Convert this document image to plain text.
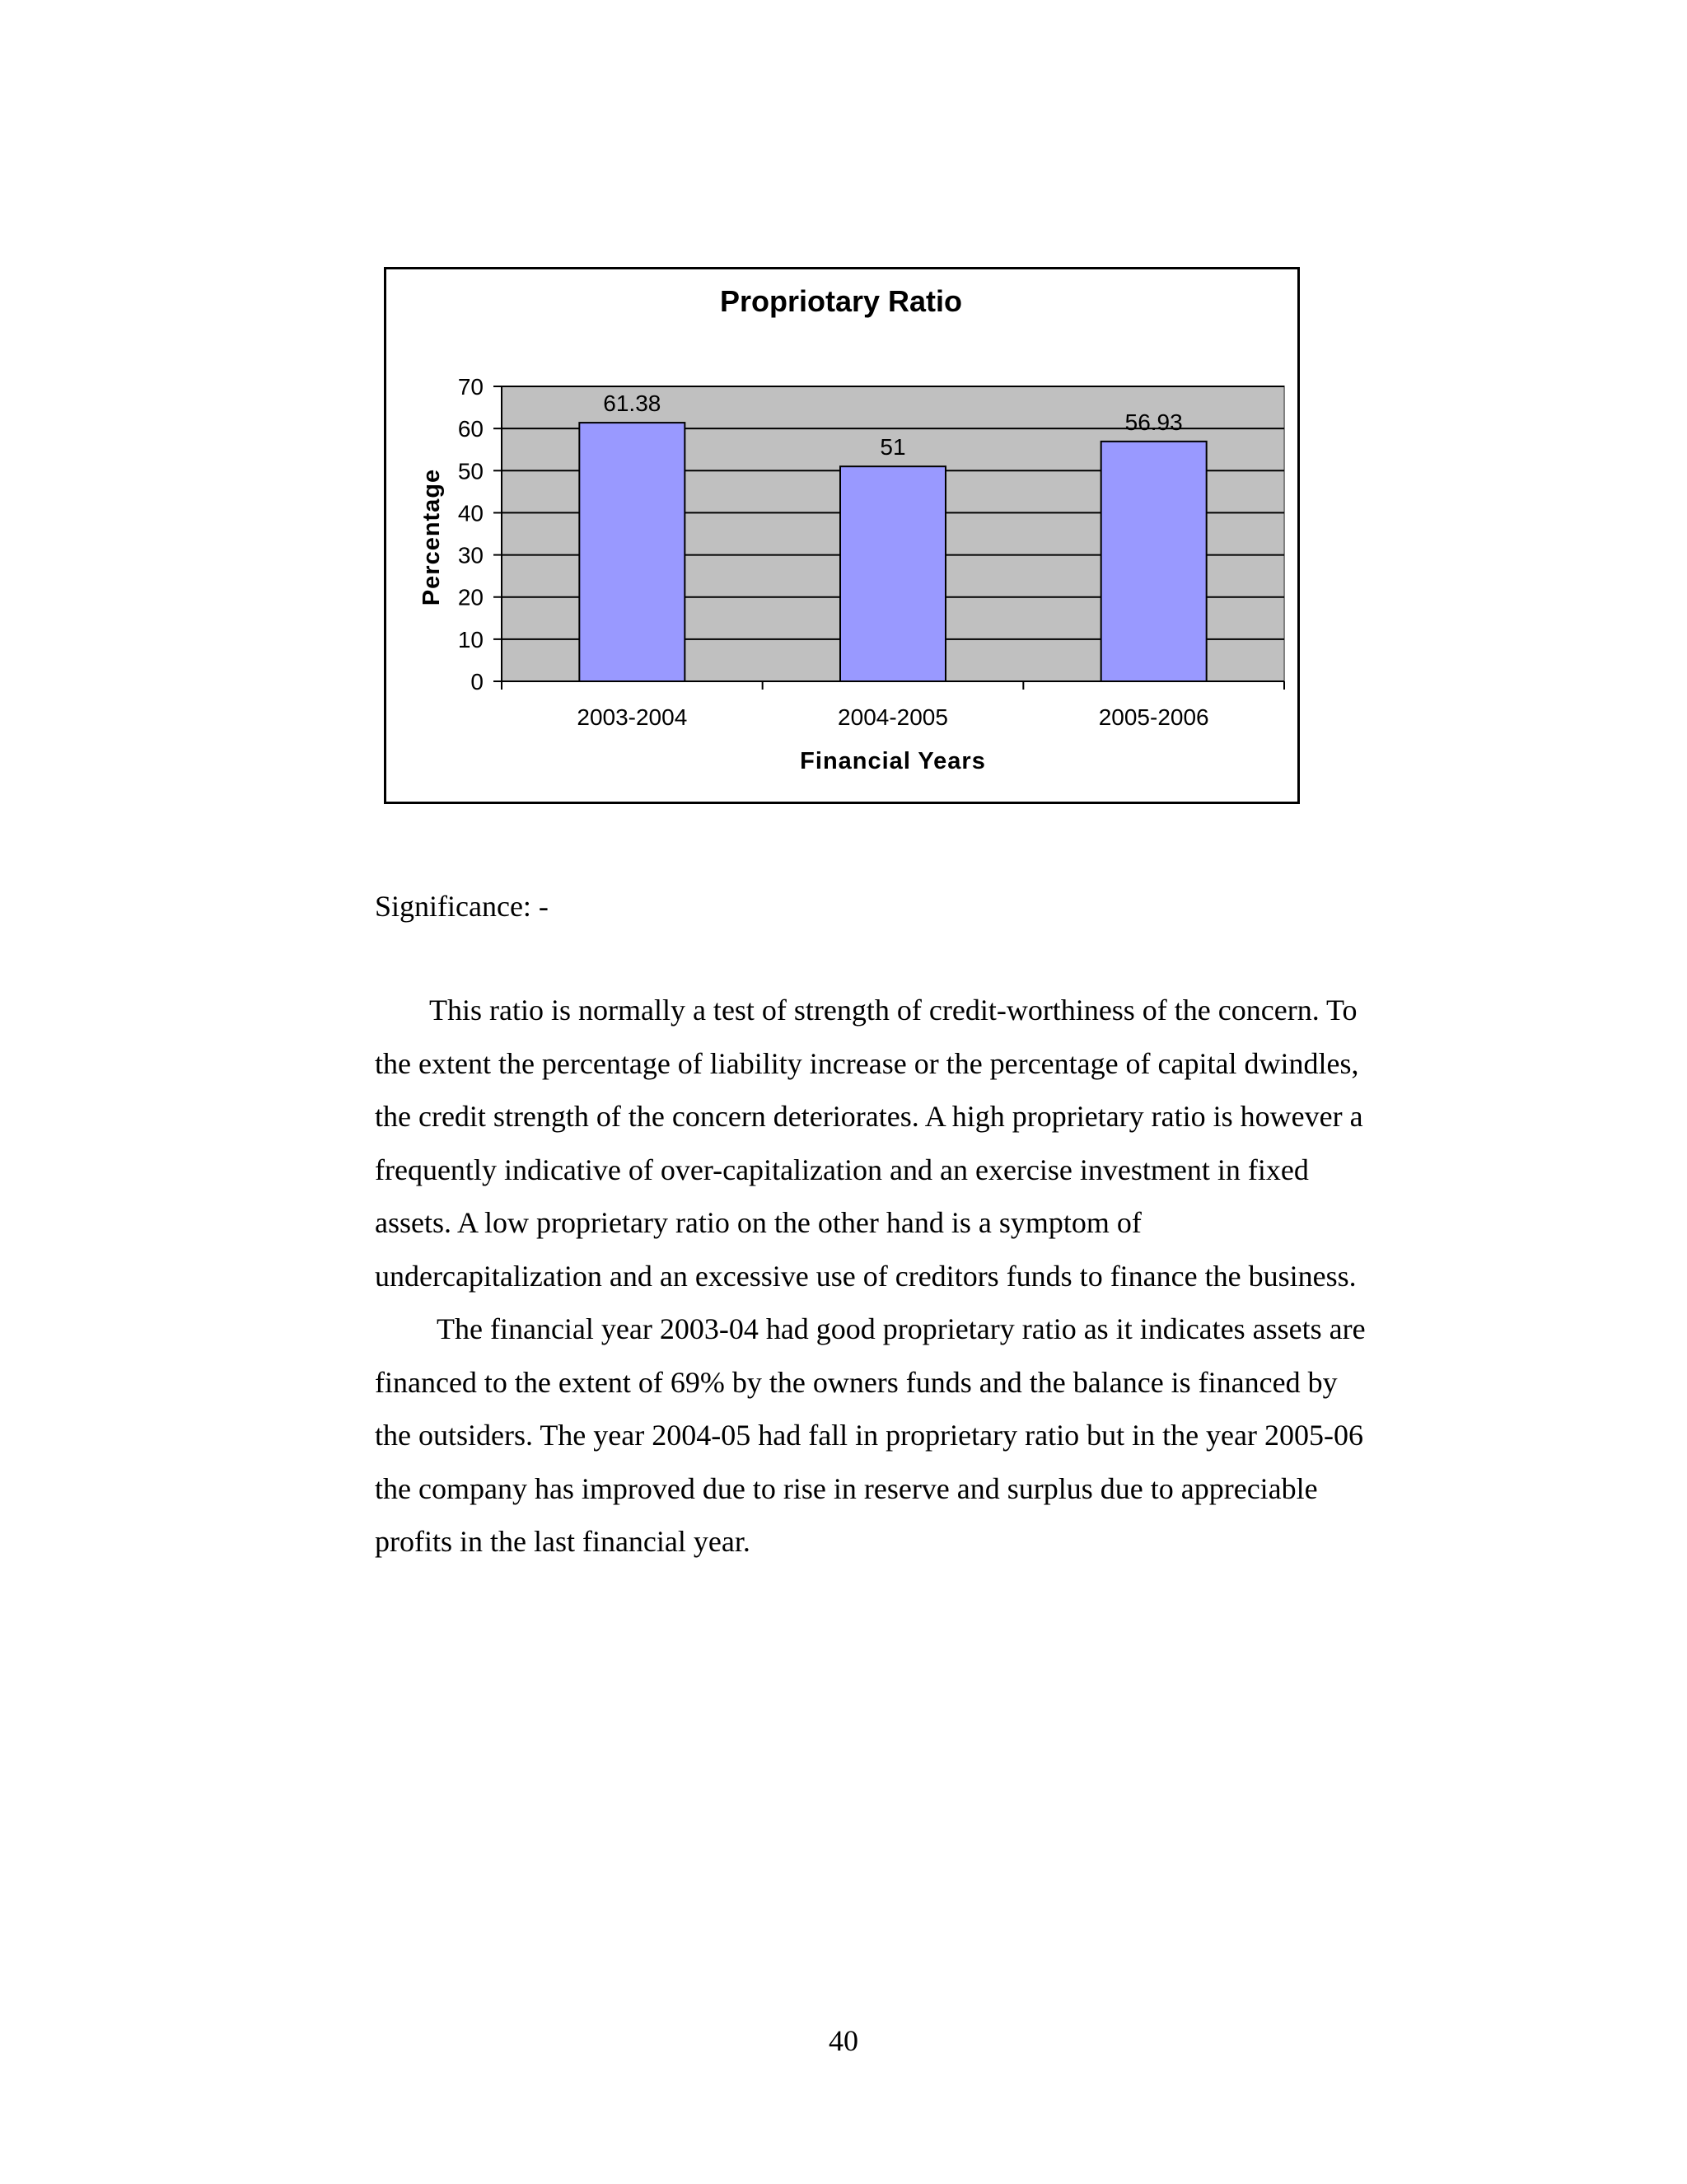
Propriotary Ratio
61.38
51
56.93
0
10
20
30
40
50
60
70
2003-2004	2004-2005	2005-2006
Financial Years
Percentage

Significance: -

This ratio is normally a test of strength of credit-worthiness of the concern. To
the extent the percentage of liability increase or the percentage of capital dwindles,
the credit strength of the concern deteriorates. A high proprietary ratio is however a
frequently indicative of over-capitalization and an exercise investment in fixed
assets. A low proprietary ratio on the other hand is a symptom of
undercapitalization and an excessive use of creditors funds to finance the business.
The financial year 2003-04 had good proprietary ratio as it indicates assets are
financed to the extent of 69% by the owners funds and the balance is financed by
the outsiders. The year 2004-05 had fall in proprietary ratio but in the year 2005-06
the company has improved due to rise in reserve and surplus due to appreciable
profits in the last financial year.
40
